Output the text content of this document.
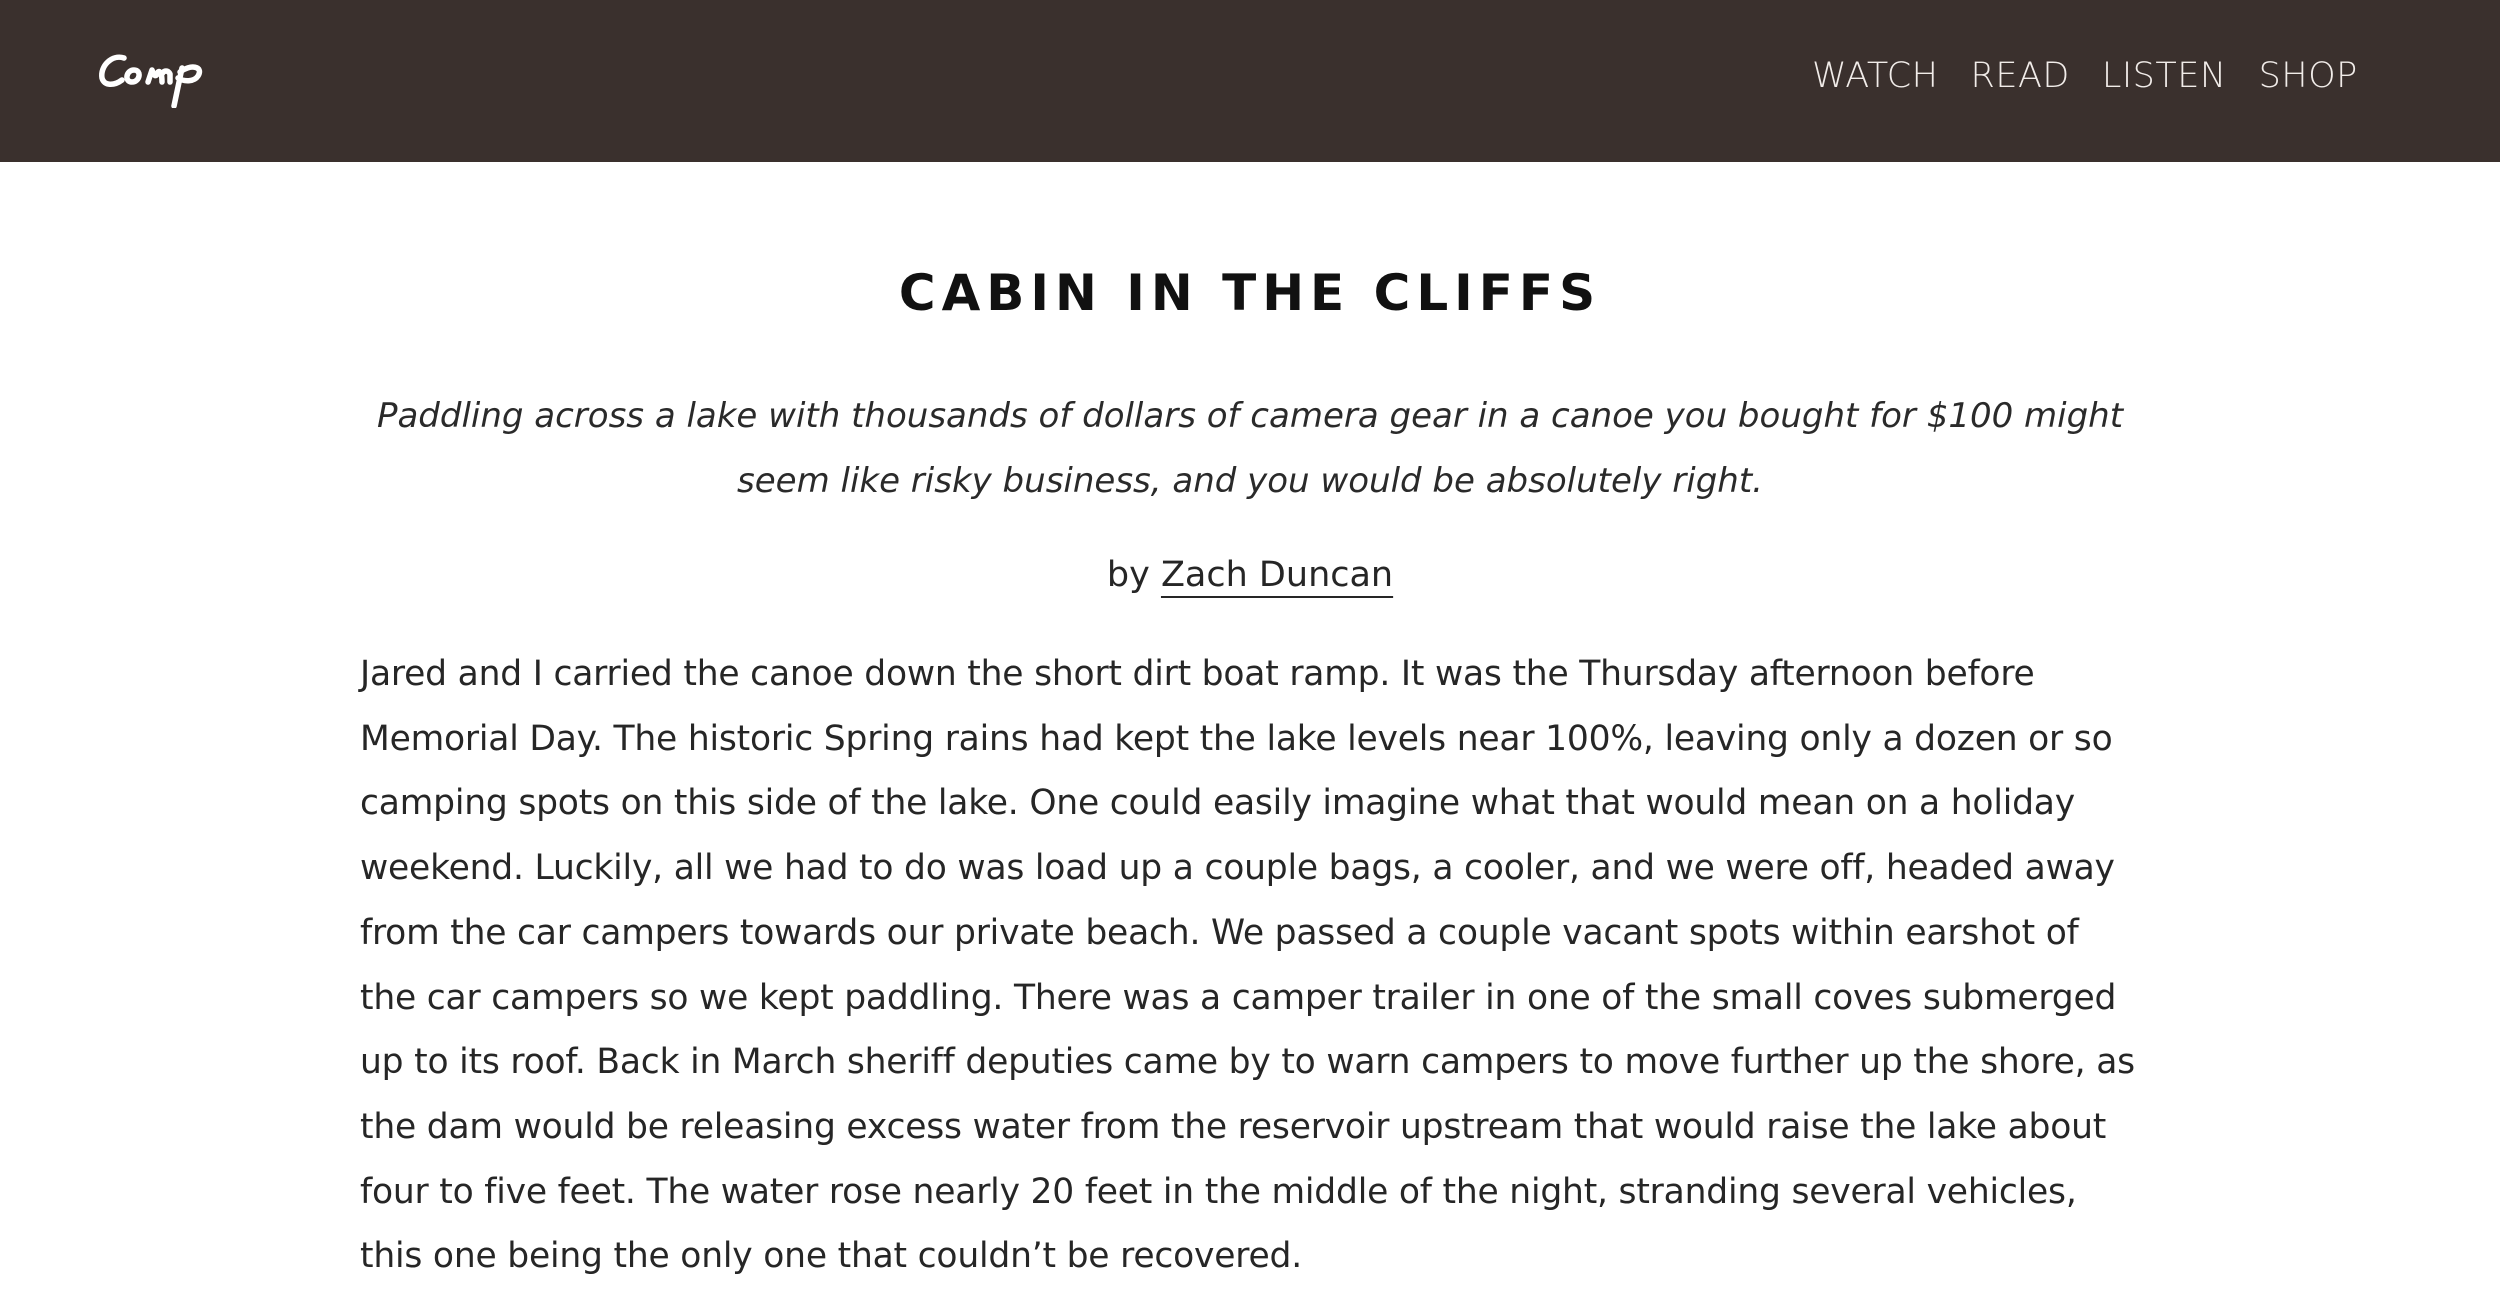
WATCH READ LISTEN SHOP
CABIN IN THE CLIFFS

Paddling across a lake with thousands of dollars of camera gear in a canoe you bought for $100 might seem like risky business, and you would be absolutely right.

by Zach Duncan

Jared and I carried the canoe down the short dirt boat ramp. It was the Thursday afternoon before Memorial Day. The historic Spring rains had kept the lake levels near 100%, leaving only a dozen or so camping spots on this side of the lake. One could easily imagine what that would mean on a holiday weekend. Luckily, all we had to do was load up a couple bags, a cooler, and we were off, headed away from the car campers towards our private beach. We passed a couple vacant spots within earshot of the car campers so we kept paddling. There was a camper trailer in one of the small coves submerged up to its roof. Back in March sheriff deputies came by to warn campers to move further up the shore, as the dam would be releasing excess water from the reservoir upstream that would raise the lake about four to five feet. The water rose nearly 20 feet in the middle of the night, stranding several vehicles, this one being the only one that couldn’t be recovered.
